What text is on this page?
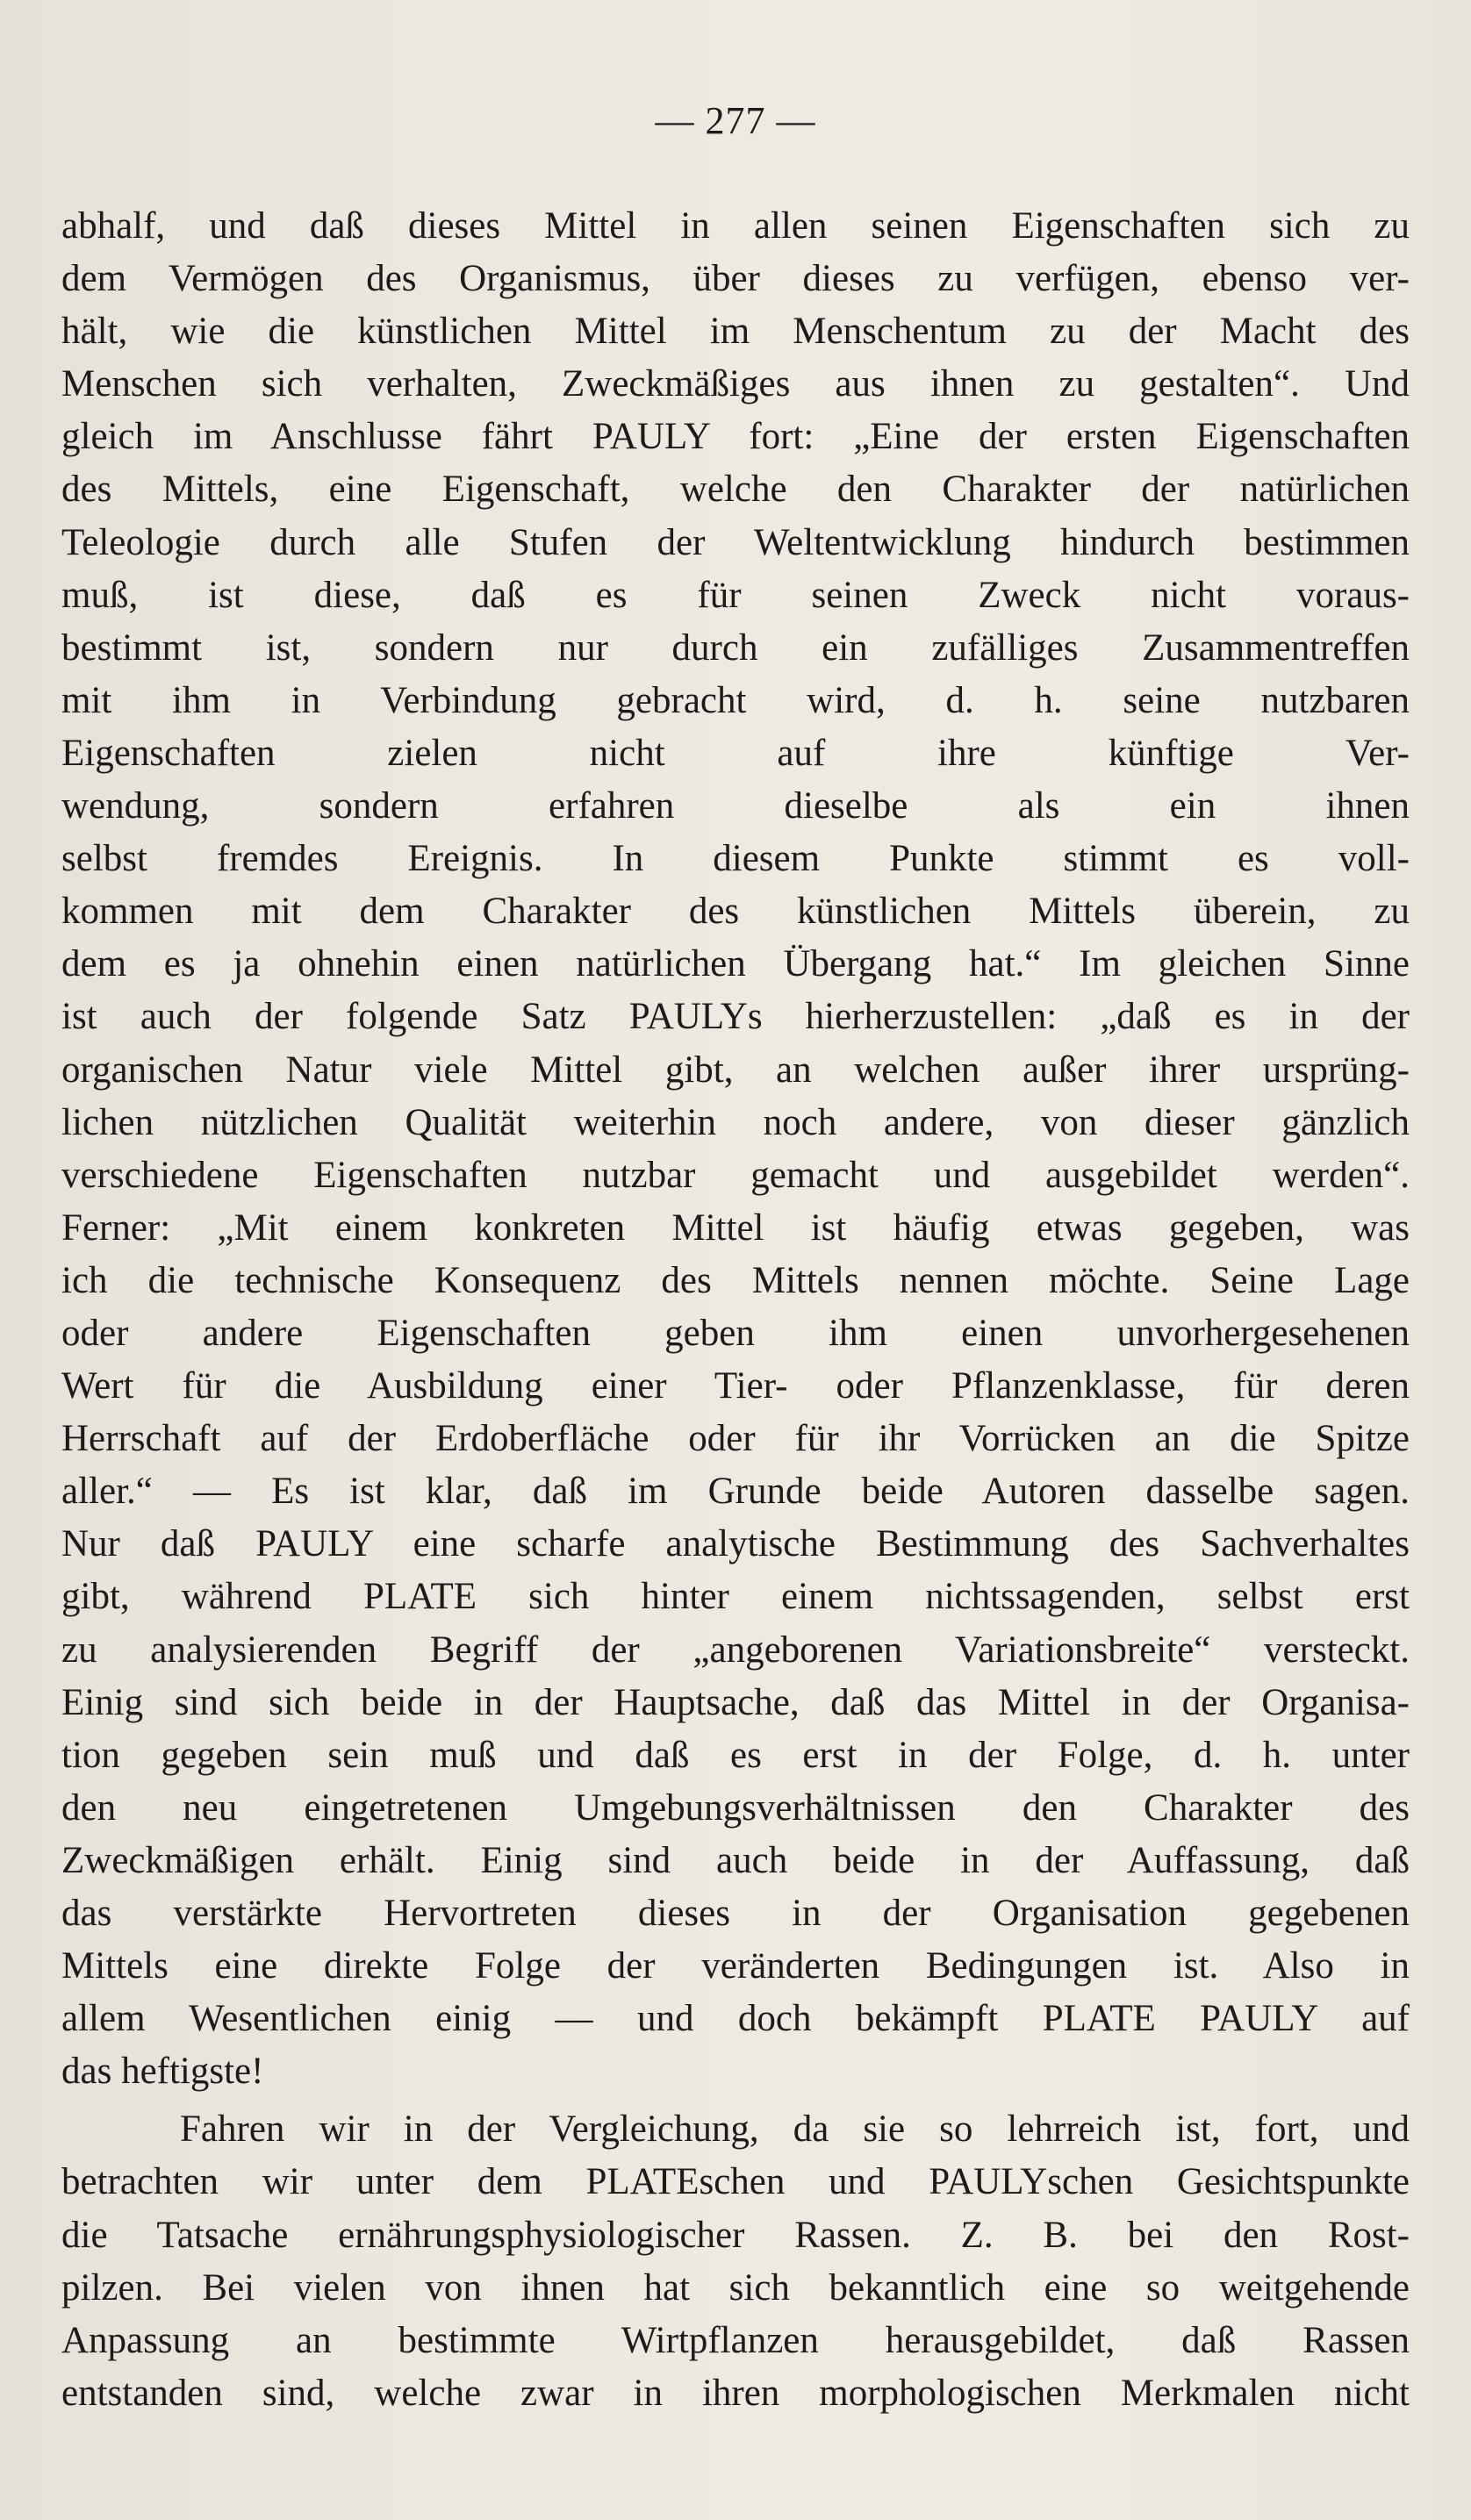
— 277 —
abhalf, und daß dieses Mittel in allen seinen Eigenschaften sich zu
dem Vermögen des Organismus, über dieses zu verfügen, ebenso ver-
hält, wie die künstlichen Mittel im Menschentum zu der Macht des
Menschen sich verhalten, Zweckmäßiges aus ihnen zu gestalten“. Und
gleich im Anschlusse fährt PAULY fort: „Eine der ersten Eigenschaften
des Mittels, eine Eigenschaft, welche den Charakter der natürlichen
Teleologie durch alle Stufen der Weltentwicklung hindurch bestimmen
muß, ist diese, daß es für seinen Zweck nicht voraus-
bestimmt ist, sondern nur durch ein zufälliges Zusammentreffen
mit ihm in Verbindung gebracht wird, d. h. seine nutzbaren
Eigenschaften zielen nicht auf ihre künftige Ver-
wendung, sondern erfahren dieselbe als ein ihnen
selbst fremdes Ereignis. In diesem Punkte stimmt es voll-
kommen mit dem Charakter des künstlichen Mittels überein, zu
dem es ja ohnehin einen natürlichen Übergang hat.“ Im gleichen Sinne
ist auch der folgende Satz PAULYs hierherzustellen: „daß es in der
organischen Natur viele Mittel gibt, an welchen außer ihrer ursprüng-
lichen nützlichen Qualität weiterhin noch andere, von dieser gänzlich
verschiedene Eigenschaften nutzbar gemacht und ausgebildet werden“.
Ferner: „Mit einem konkreten Mittel ist häufig etwas gegeben, was
ich die technische Konsequenz des Mittels nennen möchte. Seine Lage
oder andere Eigenschaften geben ihm einen unvorhergesehenen
Wert für die Ausbildung einer Tier- oder Pflanzenklasse, für deren
Herrschaft auf der Erdoberfläche oder für ihr Vorrücken an die Spitze
aller.“ — Es ist klar, daß im Grunde beide Autoren dasselbe sagen.
Nur daß PAULY eine scharfe analytische Bestimmung des Sachverhaltes
gibt, während PLATE sich hinter einem nichtssagenden, selbst erst
zu analysierenden Begriff der „angeborenen Variationsbreite“ versteckt.
Einig sind sich beide in der Hauptsache, daß das Mittel in der Organisa-
tion gegeben sein muß und daß es erst in der Folge, d. h. unter
den neu eingetretenen Umgebungsverhältnissen den Charakter des
Zweckmäßigen erhält. Einig sind auch beide in der Auffassung, daß
das verstärkte Hervortreten dieses in der Organisation gegebenen
Mittels eine direkte Folge der veränderten Bedingungen ist. Also in
allem Wesentlichen einig — und doch bekämpft PLATE PAULY auf
das heftigste!
Fahren wir in der Vergleichung, da sie so lehrreich ist, fort, und
betrachten wir unter dem PLATEschen und PAULYschen Gesichtspunkte
die Tatsache ernährungsphysiologischer Rassen. Z. B. bei den Rost-
pilzen. Bei vielen von ihnen hat sich bekanntlich eine so weitgehende
Anpassung an bestimmte Wirtpflanzen herausgebildet, daß Rassen
entstanden sind, welche zwar in ihren morphologischen Merkmalen nicht
